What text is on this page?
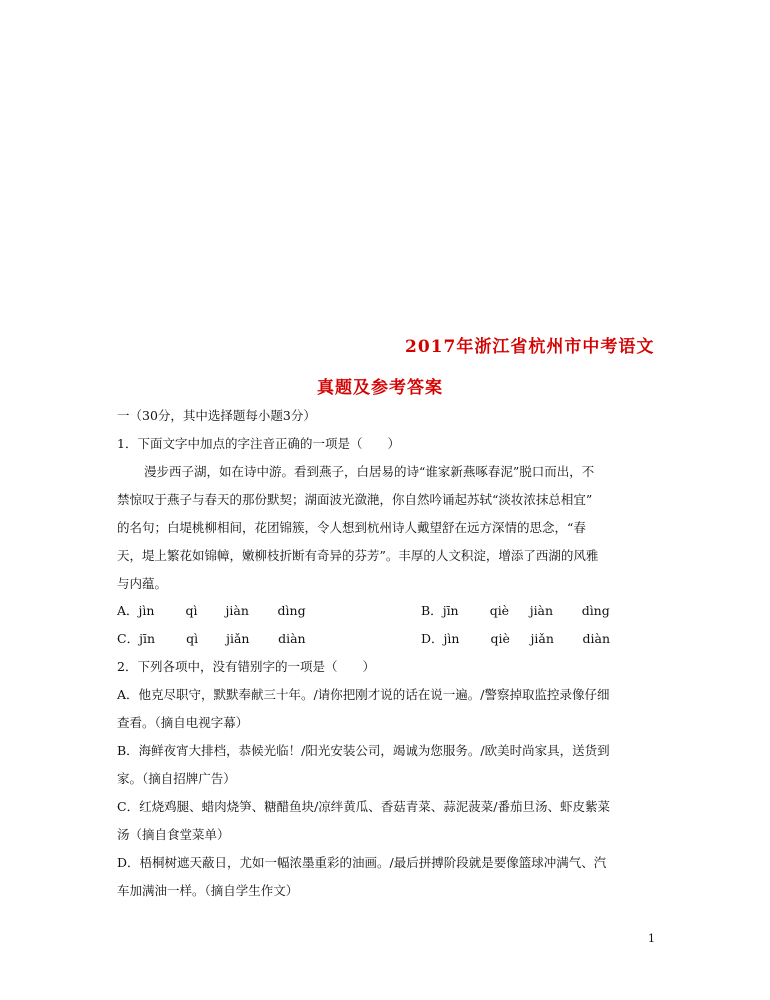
2017年浙江省杭州市中考语文
真题及参考答案
一（30分，其中选择题每小题3分）
1．下面文字中加点的字注音正确的一项是（　　）
漫步西子湖，如在诗中游。看到燕子，白居易的诗“谁家新燕啄春泥”脱口而出，不
禁惊叹于燕子与春天的那份默契；湖面波光潋滟，你自然吟诵起苏轼“淡妆浓抹总相宜”
的名句；白堤桃柳相间，花团锦簇，令人想到杭州诗人戴望舒在远方深情的思念，“春
天，堤上繁花如锦幛，嫩柳枝折断有奇异的芬芳”。丰厚的人文积淀，增添了西湖的风雅
与内蕴。
A．jìn qì jiàn dìng	B．jīn qiè jiàn dìng
C．jīn qì jiǎn diàn	D．jìn qiè jiǎn diàn
2．下列各项中，没有错别字的一项是（　　）
A．他克尽职守，默默奉献三十年。/请你把刚才说的话在说一遍。/警察掉取监控录像仔细
查看。（摘自电视字幕）
B．海鲜夜宵大排档，恭候光临！/阳光安装公司，竭诚为您服务。/欧美时尚家具，送货到
家。（摘自招牌广告）
C．红烧鸡腿、蜡肉烧笋、糖醋鱼块/凉绊黄瓜、香菇青菜、蒜泥菠菜/番茄旦汤、虾皮紫菜
汤（摘自食堂菜单）
D．梧桐树遮天蔽日，尤如一幅浓墨重彩的油画。/最后拼搏阶段就是要像篮球冲满气、汽
车加满油一样。（摘自学生作文）
1
